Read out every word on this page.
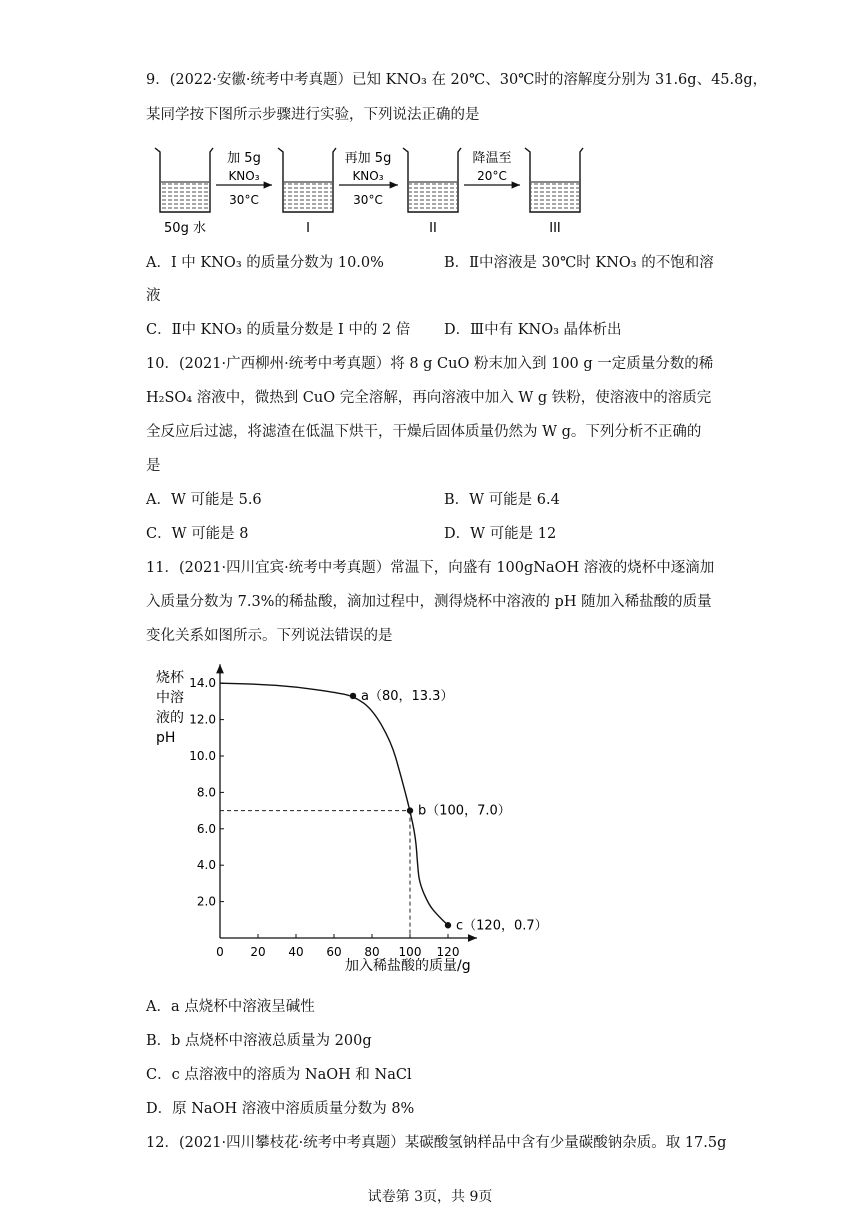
9．(2022·安徽·统考中考真题）已知 KNO₃ 在 20℃、30℃时的溶解度分别为 31.6g、45.8g，
某同学按下图所示步骤进行实验，下列说法正确的是
加 5g
KNO₃
30°C
再加 5g
KNO₃
30°C
降温至
20°C
50g 水	I	II	III
A．I 中 KNO₃ 的质量分数为 10.0%	B．Ⅱ中溶液是 30℃时 KNO₃ 的不饱和溶
液
C．Ⅱ中 KNO₃ 的质量分数是 I 中的 2 倍 D．Ⅲ中有 KNO₃ 晶体析出
10．(2021·广西柳州·统考中考真题）将 8 g CuO 粉末加入到 100 g 一定质量分数的稀
H₂SO₄ 溶液中，微热到 CuO 完全溶解，再向溶液中加入 W g 铁粉，使溶液中的溶质完
全反应后过滤，将滤渣在低温下烘干，干燥后固体质量仍然为 W g。下列分析不正确的
是
A．W 可能是 5.6	B．W 可能是 6.4
C．W 可能是 8	D．W 可能是 12
11．(2021·四川宜宾·统考中考真题）常温下，向盛有 100gNaOH 溶液的烧杯中逐滴加
入质量分数为 7.3%的稀盐酸，滴加过程中，测得烧杯中溶液的 pH 随加入稀盐酸的质量
变化关系如图所示。下列说法错误的是
烧杯
中溶
液的
pH
0 20 40 60 80 100 120
2.0
4.0
6.0
8.0
10.0
12.0
14.0
a（80，13.3）
b（100，7.0）
c（120，0.7）
加入稀盐酸的质量/g
A．a 点烧杯中溶液呈碱性
B．b 点烧杯中溶液总质量为 200g
C．c 点溶液中的溶质为 NaOH 和 NaCl
D．原 NaOH 溶液中溶质质量分数为 8%
12．(2021·四川攀枝花·统考中考真题）某碳酸氢钠样品中含有少量碳酸钠杂质。取 17.5g
试卷第 3页，共 9页
